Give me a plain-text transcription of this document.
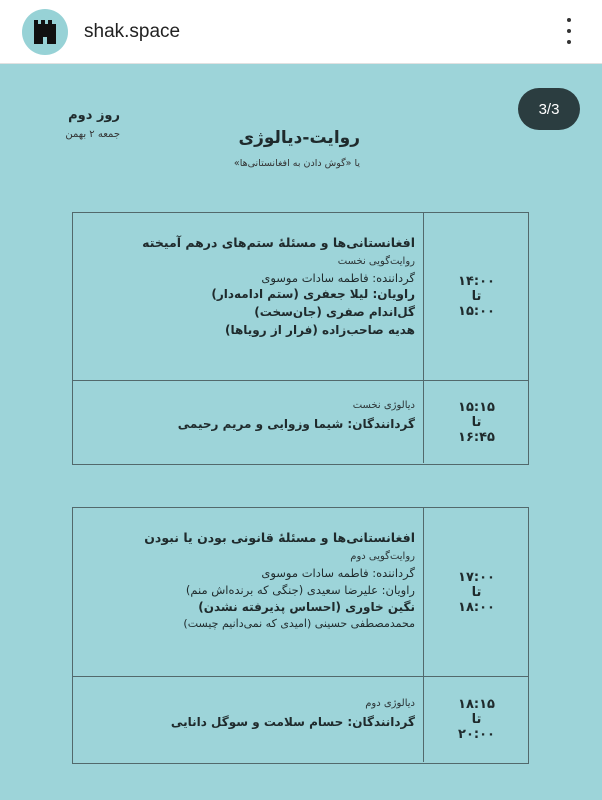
shak.space
3/3
روز دوم
جمعه ۲ بهمن	روایت-دیالوژی
یا «گوش دادن به افغانستانی‌ها»
افغانستانی‌ها و مسئلهٔ ستم‌های درهم آمیخته
روایت‌گویی نخست
گرداننده: فاطمه سادات موسوی
راویان: لیلا جعفری (ستم ادامه‌دار)
گل‌اندام صفری (جان‌سخت)
هدیه صاحب‌زاده (فرار از رویاها)
۱۴:۰۰
تا
۱۵:۰۰
دیالوژی نخست
گردانندگان: شیما وزوایی و مریم رحیمی
۱۵:۱۵
تا
۱۶:۴۵
افغانستانی‌ها و مسئلهٔ قانونی بودن یا نبودن
روایت‌گویی دوم
گرداننده: فاطمه سادات موسوی
راویان: علیرضا سعیدی (جنگی که برنده‌اش منم)
نگین خاوری (احساس پذیرفته نشدن)
محمدمصطفی حسینی (امیدی که نمی‌دانیم چیست)
۱۷:۰۰
تا
۱۸:۰۰
دیالوژی دوم
گردانندگان: حسام سلامت و سوگل دانایی
۱۸:۱۵
تا
۲۰:۰۰
